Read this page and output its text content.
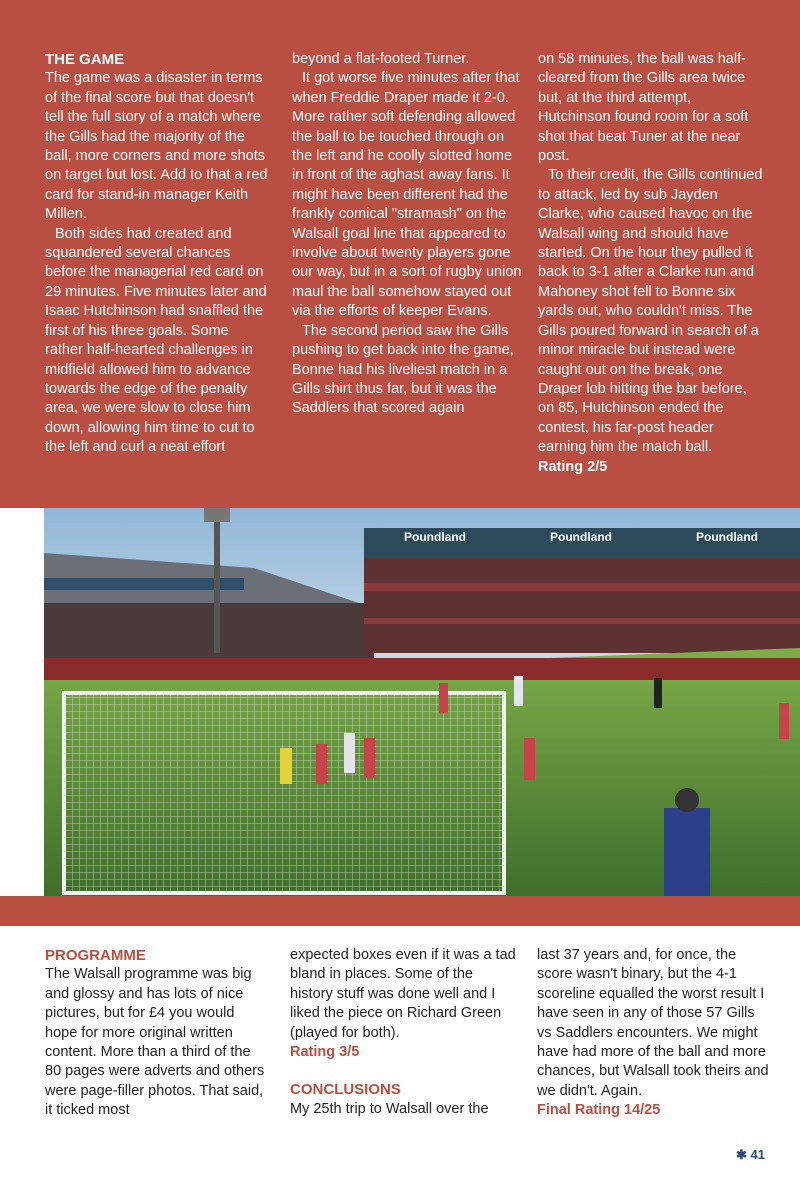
THE GAME

The game was a disaster in terms of the final score but that doesn't tell the full story of a match where the Gills had the majority of the ball, more corners and more shots on target but lost. Add to that a red card for stand-in manager Keith Millen.

Both sides had created and squandered several chances before the managerial red card on 29 minutes. Five minutes later and Isaac Hutchinson had snaffled the first of his three goals. Some rather half-hearted challenges in midfield allowed him to advance towards the edge of the penalty area, we were slow to close him down, allowing him time to cut to the left and curl a neat effort

beyond a flat-footed Turner.

It got worse five minutes after that when Freddie Draper made it 2-0. More rather soft defending allowed the ball to be touched through on the left and he coolly slotted home in front of the aghast away fans. It might have been different had the frankly comical "stramash" on the Walsall goal line that appeared to involve about twenty players gone our way, but in a sort of rugby union maul the ball somehow stayed out via the efforts of keeper Evans.

The second period saw the Gills pushing to get back into the game, Bonne had his liveliest match in a Gills shirt thus far, but it was the Saddlers that scored again

on 58 minutes, the ball was half-cleared from the Gills area twice but, at the third attempt, Hutchinson found room for a soft shot that beat Tuner at the near post.

To their credit, the Gills continued to attack, led by sub Jayden Clarke, who caused havoc on the Walsall wing and should have started. On the hour they pulled it back to 3-1 after a Clarke run and Mahoney shot fell to Bonne six yards out, who couldn't miss. The Gills poured forward in search of a minor miracle but instead were caught out on the break, one Draper lob hitting the bar before, on 85, Hutchinson ended the contest, his far-post header earning him the match ball.

Rating 2/5
Poundland	Poundland	Poundland
PROGRAMME

The Walsall programme was big and glossy and has lots of nice pictures, but for £4 you would hope for more original written content. More than a third of the 80 pages were adverts and others were page-filler photos. That said, it ticked most

expected boxes even if it was a tad bland in places. Some of the history stuff was done well and I liked the piece on Richard Green (played for both).

Rating 3/5
CONCLUSIONS

My 25th trip to Walsall over the

last 37 years and, for once, the score wasn't binary, but the 4-1 scoreline equalled the worst result I have seen in any of those 57 Gills vs Saddlers encounters. We might have had more of the ball and more chances, but Walsall took theirs and we didn't. Again.

Final Rating 14/25
✱ 41
